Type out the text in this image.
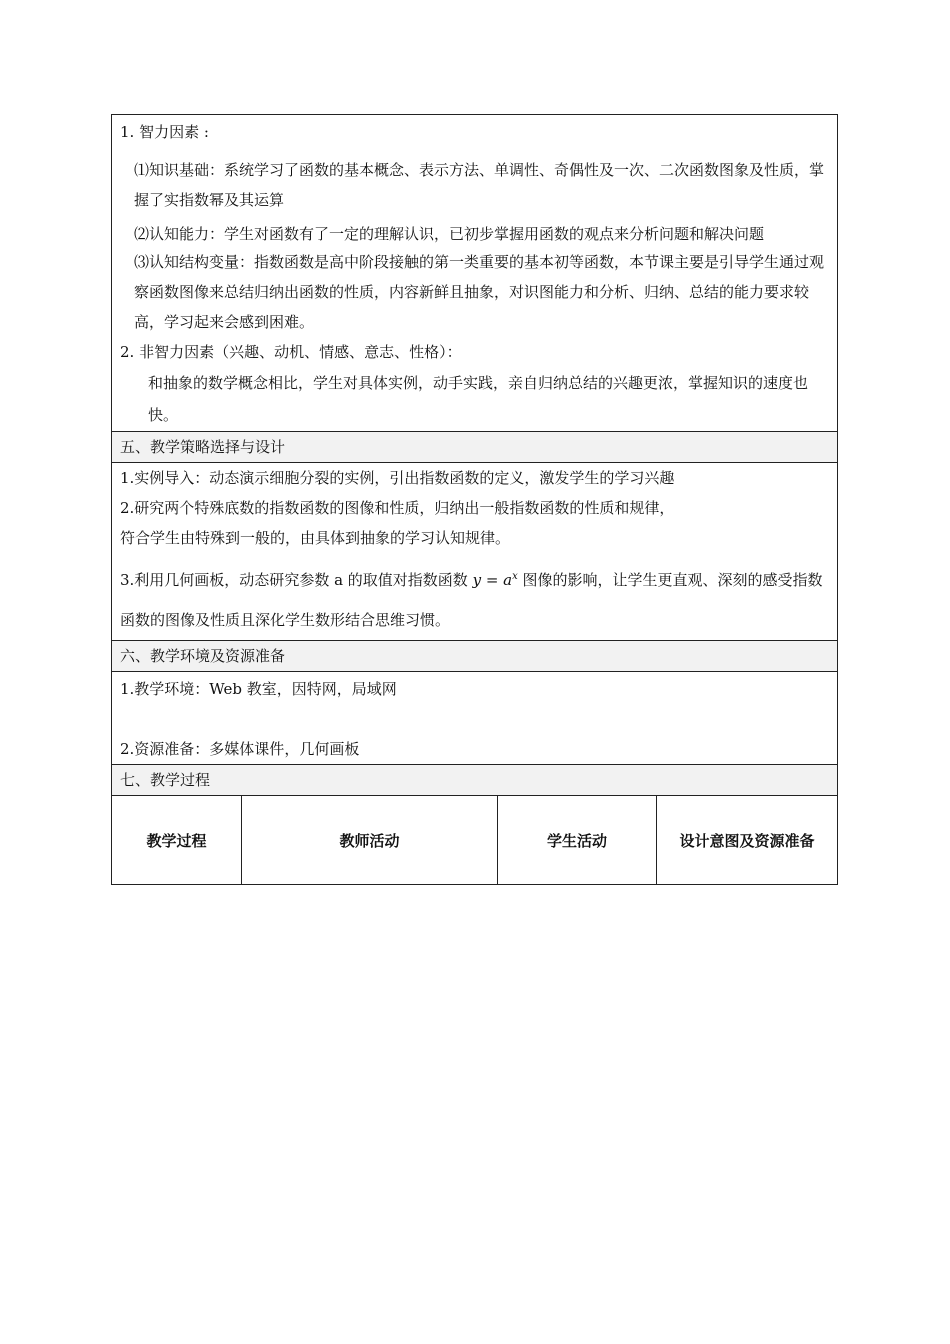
1. 智力因素 :
⑴知识基础：系统学习了函数的基本概念、表示方法、单调性、奇偶性及一次、二次函数图象及性质，掌握了实指数幂及其运算
⑵认知能力：学生对函数有了一定的理解认识，已初步掌握用函数的观点来分析问题和解决问题
⑶认知结构变量：指数函数是高中阶段接触的第一类重要的基本初等函数，本节课主要是引导学生通过观察函数图像来总结归纳出函数的性质，内容新鲜且抽象，对识图能力和分析、归纳、总结的能力要求较高，学习起来会感到困难。
2. 非智力因素（兴趣、动机、情感、意志、性格）：
和抽象的数学概念相比，学生对具体实例，动手实践，亲自归纳总结的兴趣更浓，掌握知识的速度也快。
五、教学策略选择与设计
1.实例导入：动态演示细胞分裂的实例，引出指数函数的定义，激发学生的学习兴趣
2.研究两个特殊底数的指数函数的图像和性质，归纳出一般指数函数的性质和规律，
符合学生由特殊到一般的，由具体到抽象的学习认知规律。
3.利用几何画板，动态研究参数 a 的取值对指数函数 $y = a^x$ 图像的影响，让学生更直观、深刻的感受指数函数的图像及性质且深化学生数形结合思维习惯。
六、教学环境及资源准备
1.教学环境：Web 教室，因特网，局域网
2.资源准备：多媒体课件，几何画板
七、教学过程
教学过程	教师活动	学生活动	设计意图及资源准备
